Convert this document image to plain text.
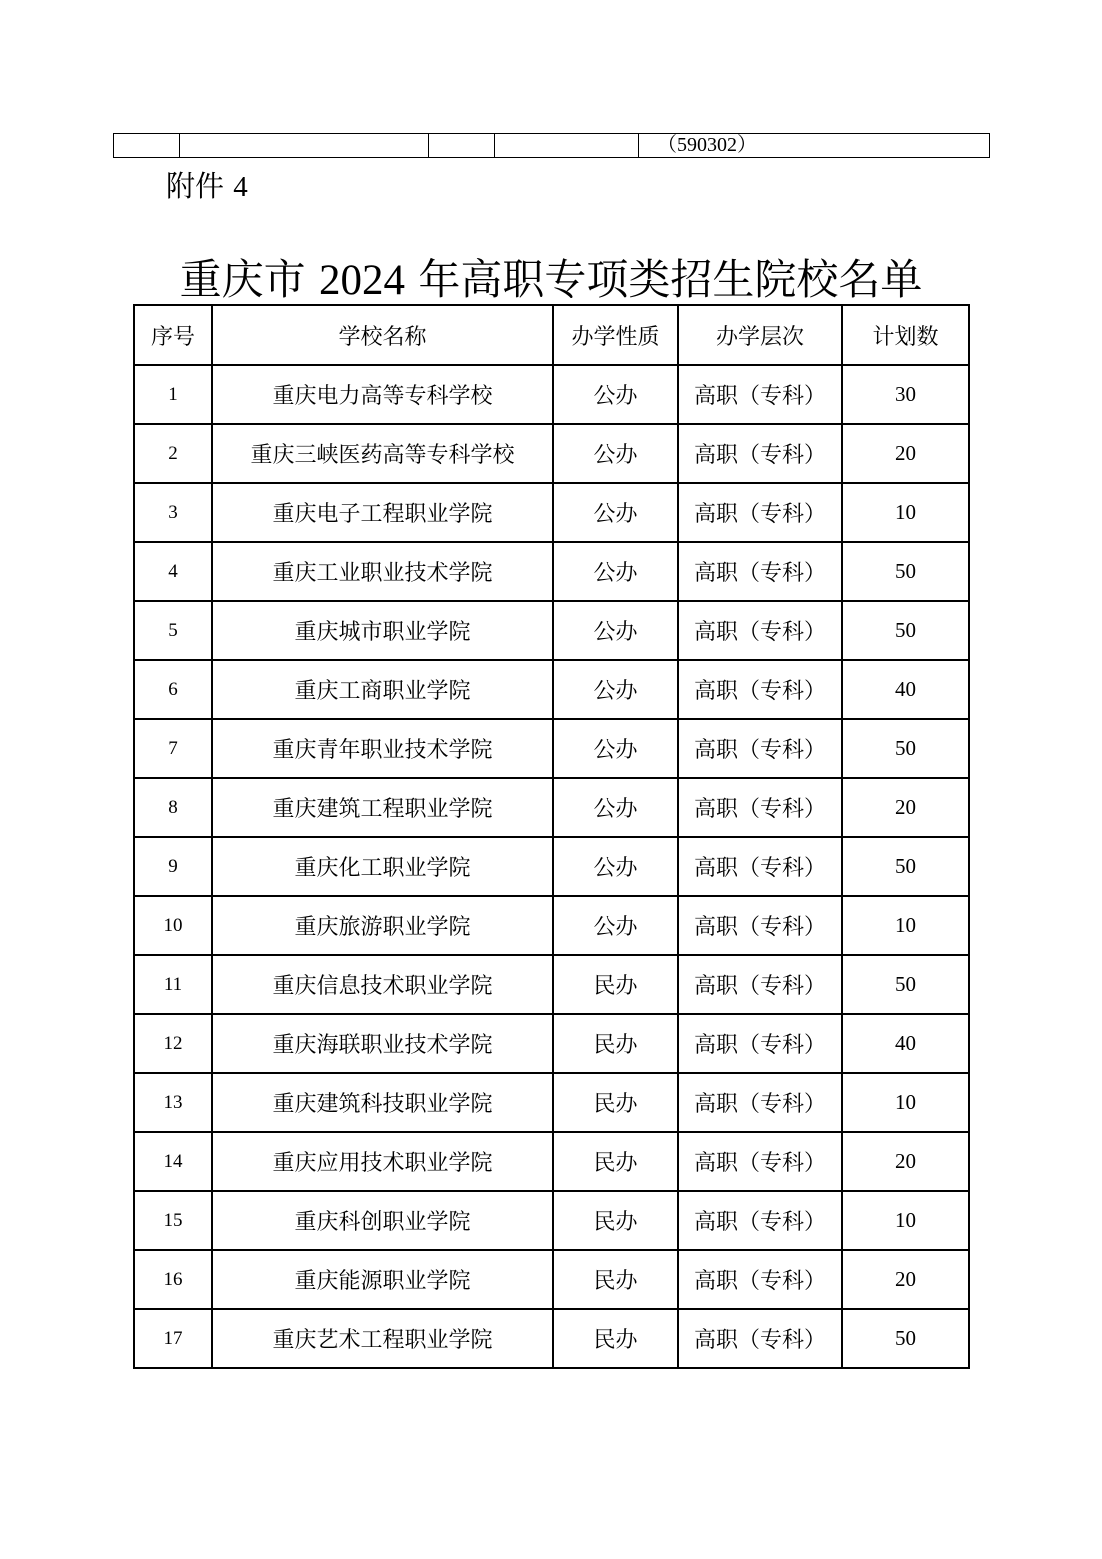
				（590302）
附件 4
重庆市 2024 年高职专项类招生院校名单
序号	学校名称	办学性质	办学层次	计划数
1	重庆电力高等专科学校	公办	高职（专科）	30
2	重庆三峡医药高等专科学校	公办	高职（专科）	20
3	重庆电子工程职业学院	公办	高职（专科）	10
4	重庆工业职业技术学院	公办	高职（专科）	50
5	重庆城市职业学院	公办	高职（专科）	50
6	重庆工商职业学院	公办	高职（专科）	40
7	重庆青年职业技术学院	公办	高职（专科）	50
8	重庆建筑工程职业学院	公办	高职（专科）	20
9	重庆化工职业学院	公办	高职（专科）	50
10	重庆旅游职业学院	公办	高职（专科）	10
11	重庆信息技术职业学院	民办	高职（专科）	50
12	重庆海联职业技术学院	民办	高职（专科）	40
13	重庆建筑科技职业学院	民办	高职（专科）	10
14	重庆应用技术职业学院	民办	高职（专科）	20
15	重庆科创职业学院	民办	高职（专科）	10
16	重庆能源职业学院	民办	高职（专科）	20
17	重庆艺术工程职业学院	民办	高职（专科）	50
